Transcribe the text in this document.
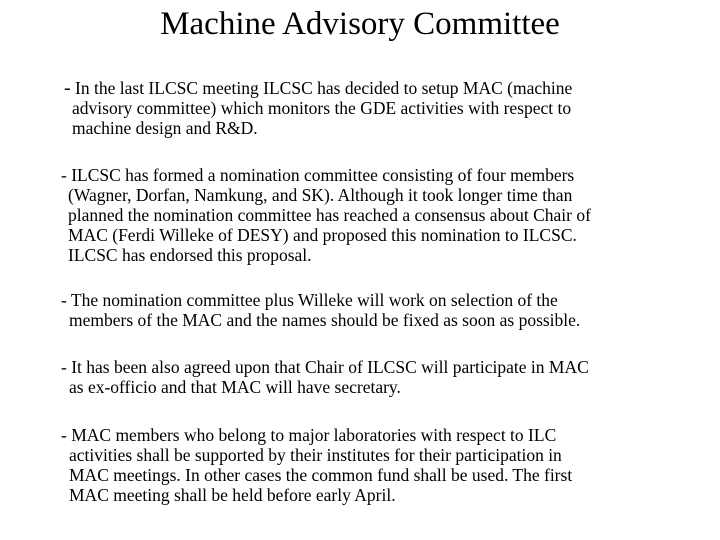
Machine Advisory Committee
- In the last ILCSC meeting ILCSC has decided to setup MAC (machine
advisory committee) which monitors the GDE activities with respect to
machine design and R&D.
- ILCSC has formed a nomination committee consisting of four members
(Wagner, Dorfan, Namkung, and SK). Although it took longer time than
planned the nomination committee has reached a consensus about Chair of
MAC (Ferdi Willeke of DESY) and proposed this nomination to ILCSC.
ILCSC has endorsed this proposal.
- The nomination committee plus Willeke will work on selection of the
members of the MAC and the names should be fixed as soon as possible.
- It has been also agreed upon that Chair of ILCSC will participate in MAC
as ex-officio and that MAC will have secretary.
- MAC members who belong to major laboratories with respect to ILC
activities shall be supported by their institutes for their participation in
MAC meetings. In other cases the common fund shall be used. The first
MAC meeting shall be held before early April.
